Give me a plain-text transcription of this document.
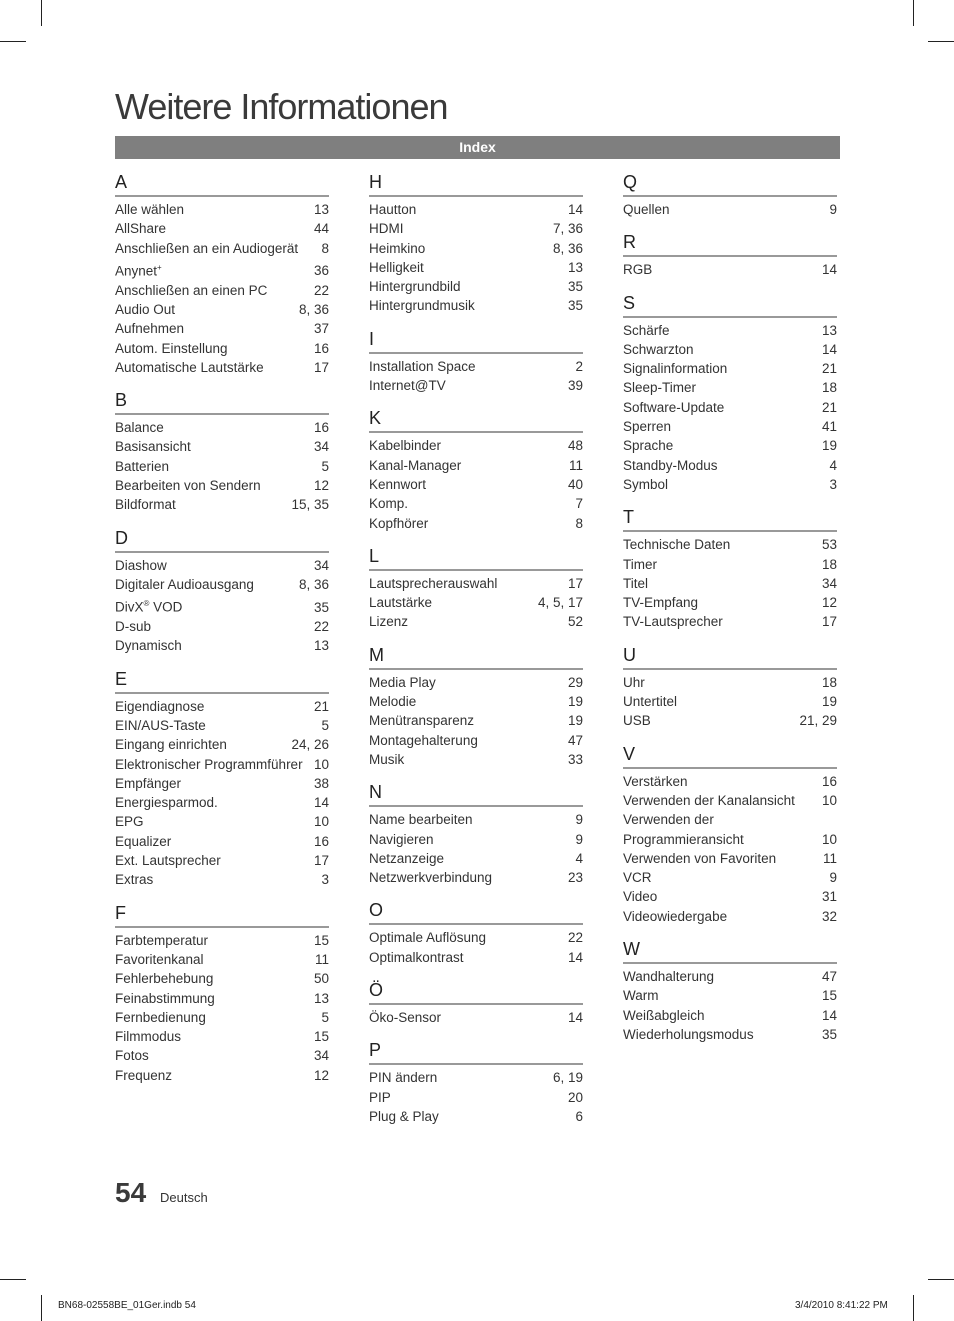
Weitere Informationen
Index
A
Alle wählen	13
AllShare	44
Anschließen an ein Audiogerät	8
Anynet+	36
Anschließen an einen PC	22
Audio Out	8, 36
Aufnehmen	37
Autom. Einstellung	16
Automatische Lautstärke	17
B
Balance	16
Basisansicht	34
Batterien	5
Bearbeiten von Sendern	12
Bildformat	15, 35
D
Diashow	34
Digitaler Audioausgang	8, 36
DivX® VOD	35
D-sub	22
Dynamisch	13
E
Eigendiagnose	21
EIN/AUS-Taste	5
Eingang einrichten	24, 26
Elektronischer Programmführer 10
Empfänger	38
Energiesparmod.	14
EPG	10
Equalizer	16
Ext. Lautsprecher	17
Extras	3
F
Farbtemperatur	15
Favoritenkanal	11
Fehlerbehebung	50
Feinabstimmung	13
Fernbedienung	5
Filmmodus	15
Fotos	34
Frequenz	12
H
Hautton	14
HDMI	7, 36
Heimkino	8, 36
Helligkeit	13
Hintergrundbild	35
Hintergrundmusik	35
I
Installation Space	2
Internet@TV	39
K
Kabelbinder	48
Kanal-Manager	11
Kennwort	40
Komp.	7
Kopfhörer	8
L
Lautsprecherauswahl	17
Lautstärke	4, 5, 17
Lizenz	52
M
Media Play	29
Melodie	19
Menütransparenz	19
Montagehalterung	47
Musik	33
N
Name bearbeiten	9
Navigieren	9
Netzanzeige	4
Netzwerkverbindung	23
O
Optimale Auflösung	22
Optimalkontrast	14
Ö
Öko-Sensor	14
P
PIN ändern	6, 19
PIP	20
Plug & Play	6
Q
Quellen	9
R
RGB	14
S
Schärfe	13
Schwarzton	14
Signalinformation	21
Sleep-Timer	18
Software-Update	21
Sperren	41
Sprache	19
Standby-Modus	4
Symbol	3
T
Technische Daten	53
Timer	18
Titel	34
TV-Empfang	12
TV-Lautsprecher	17
U
Uhr	18
Untertitel	19
USB	21, 29
V
Verstärken	16
Verwenden der Kanalansicht	10
Verwenden der Programmieransicht	10
Verwenden von Favoriten	11
VCR	9
Video	31
Videowiedergabe	32
W
Wandhalterung	47
Warm	15
Weißabgleich	14
Wiederholungsmodus	35
54 Deutsch
BN68-02558BE_01Ger.indb 54	3/4/2010 8:41:22 PM
